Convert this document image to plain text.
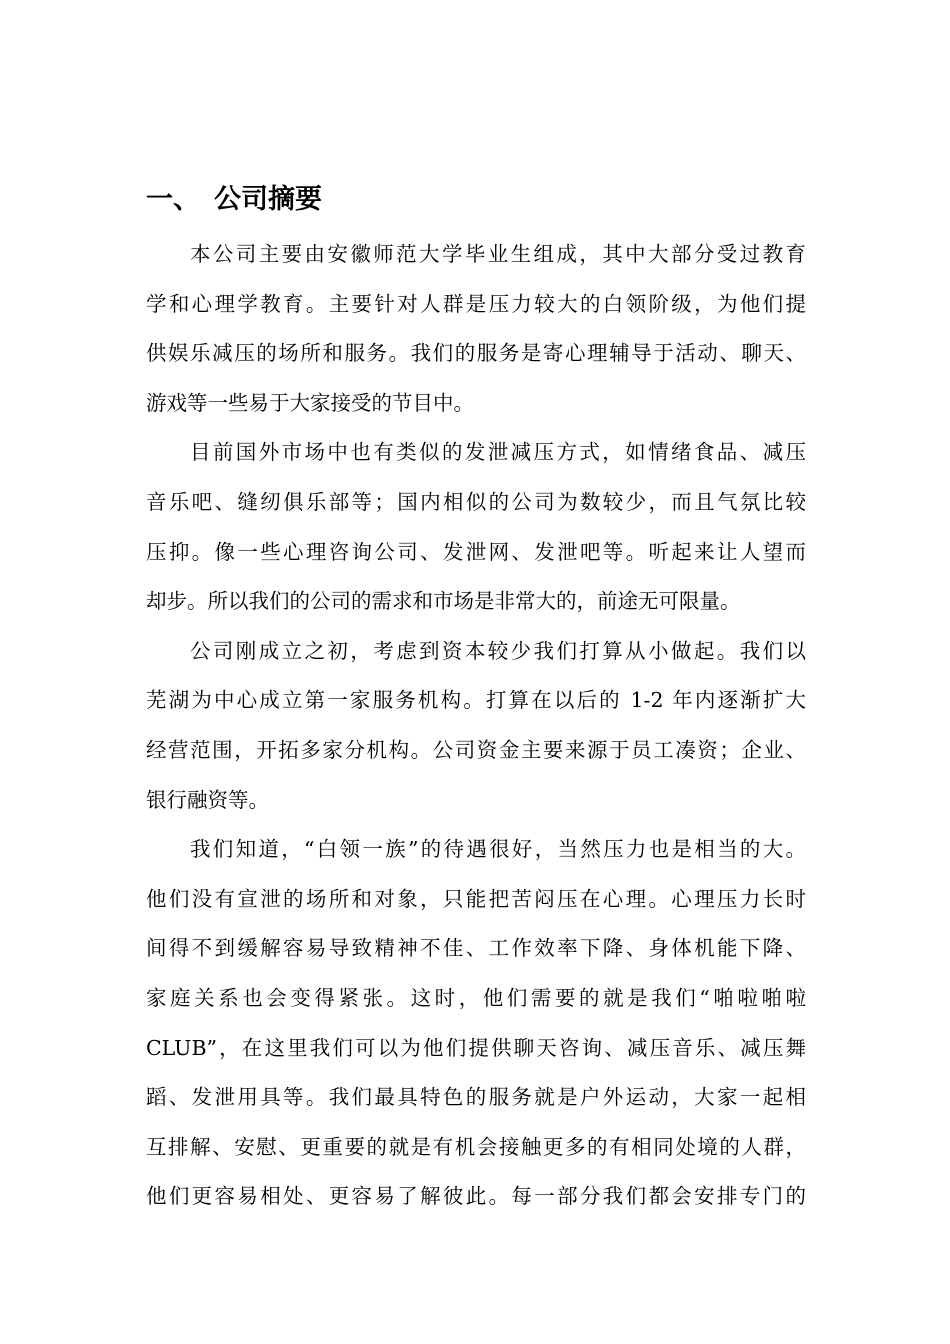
一、 公司摘要
本公司主要由安徽师范大学毕业生组成，其中大部分受过教育
学和心理学教育。主要针对人群是压力较大的白领阶级，为他们提
供娱乐减压的场所和服务。我们的服务是寄心理辅导于活动、聊天、
游戏等一些易于大家接受的节目中。
目前国外市场中也有类似的发泄减压方式，如情绪食品、减压
音乐吧、缝纫俱乐部等；国内相似的公司为数较少，而且气氛比较
压抑。像一些心理咨询公司、发泄网、发泄吧等。听起来让人望而
却步。所以我们的公司的需求和市场是非常大的，前途无可限量。
公司刚成立之初，考虑到资本较少我们打算从小做起。我们以
芜湖为中心成立第一家服务机构。打算在以后的 1-2 年内逐渐扩大
经营范围，开拓多家分机构。公司资金主要来源于员工凑资；企业、
银行融资等。
我们知道，“白领一族”的待遇很好，当然压力也是相当的大。
他们没有宣泄的场所和对象，只能把苦闷压在心理。心理压力长时
间得不到缓解容易导致精神不佳、工作效率下降、身体机能下降、
家庭关系也会变得紧张。这时，他们需要的就是我们“啪啦啪啦
CLUB”，在这里我们可以为他们提供聊天咨询、减压音乐、减压舞
蹈、发泄用具等。我们最具特色的服务就是户外运动，大家一起相
互排解、安慰、更重要的就是有机会接触更多的有相同处境的人群，
他们更容易相处、更容易了解彼此。每一部分我们都会安排专门的
